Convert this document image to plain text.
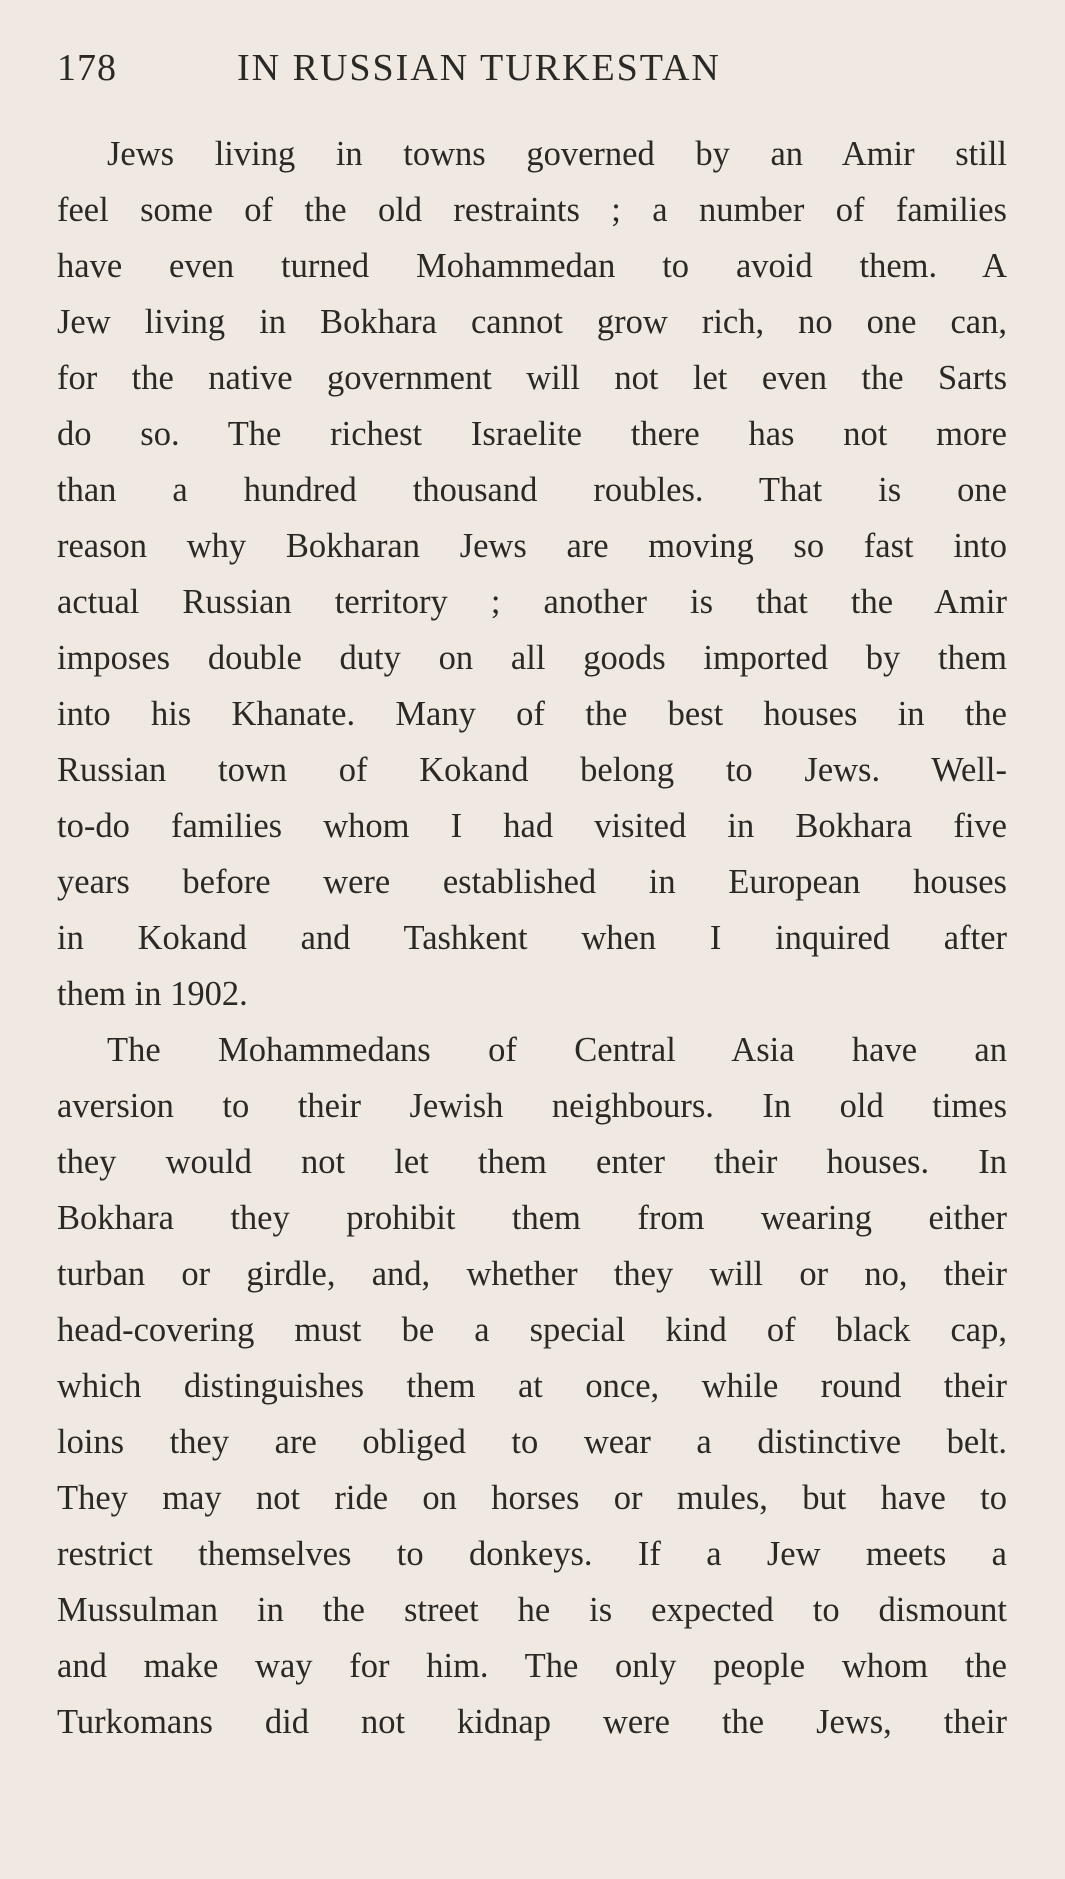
178	IN RUSSIAN TURKESTAN
Jews living in towns governed by an Amir still
feel some of the old restraints ; a number of families
have even turned Mohammedan to avoid them. A
Jew living in Bokhara cannot grow rich, no one can,
for the native government will not let even the Sarts
do so. The richest Israelite there has not more
than a hundred thousand roubles. That is one
reason why Bokharan Jews are moving so fast into
actual Russian territory ; another is that the Amir
imposes double duty on all goods imported by them
into his Khanate. Many of the best houses in the
Russian town of Kokand belong to Jews. Well-
to-do families whom I had visited in Bokhara five
years before were established in European houses
in Kokand and Tashkent when I inquired after
them in 1902.
The Mohammedans of Central Asia have an
aversion to their Jewish neighbours. In old times
they would not let them enter their houses. In
Bokhara they prohibit them from wearing either
turban or girdle, and, whether they will or no, their
head-covering must be a special kind of black cap,
which distinguishes them at once, while round their
loins they are obliged to wear a distinctive belt.
They may not ride on horses or mules, but have to
restrict themselves to donkeys. If a Jew meets a
Mussulman in the street he is expected to dismount
and make way for him. The only people whom the
Turkomans did not kidnap were the Jews, their
